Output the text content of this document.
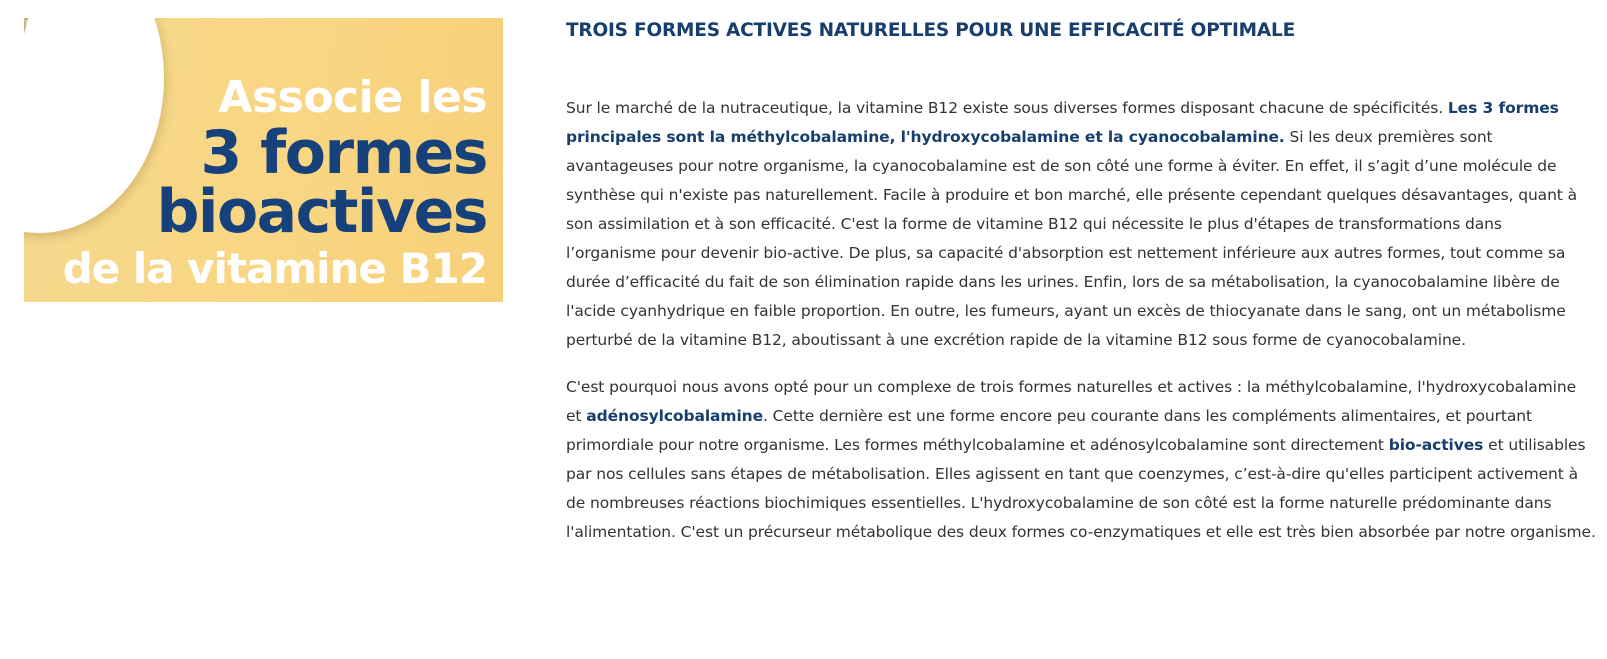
Associe les
3 formes
bioactives
de la vitamine B12
TROIS FORMES ACTIVES NATURELLES POUR UNE EFFICACITÉ OPTIMALE

Sur le marché de la nutraceutique, la vitamine B12 existe sous diverses formes disposant chacune de spécificités. Les 3 formes principales sont la méthylcobalamine, l'hydroxycobalamine et la cyanocobalamine. Si les deux premières sont avantageuses pour notre organisme, la cyanocobalamine est de son côté une forme à éviter. En effet, il s’agit d’une molécule de synthèse qui n'existe pas naturellement. Facile à produire et bon marché, elle présente cependant quelques désavantages, quant à son assimilation et à son efficacité. C'est la forme de vitamine B12 qui nécessite le plus d'étapes de transformations dans l’organisme pour devenir bio-active. De plus, sa capacité d'absorption est nettement inférieure aux autres formes, tout comme sa durée d’efficacité du fait de son élimination rapide dans les urines. Enfin, lors de sa métabolisation, la cyanocobalamine libère de l'acide cyanhydrique en faible proportion. En outre, les fumeurs, ayant un excès de thiocyanate dans le sang, ont un métabolisme perturbé de la vitamine B12, aboutissant à une excrétion rapide de la vitamine B12 sous forme de cyanocobalamine.

C'est pourquoi nous avons opté pour un complexe de trois formes naturelles et actives : la méthylcobalamine, l'hydroxycobalamine et adénosylcobalamine. Cette dernière est une forme encore peu courante dans les compléments alimentaires, et pourtant primordiale pour notre organisme. Les formes méthylcobalamine et adénosylcobalamine sont directement bio-actives et utilisables par nos cellules sans étapes de métabolisation. Elles agissent en tant que coenzymes, c’est-à-dire qu'elles participent activement à de nombreuses réactions biochimiques essentielles. L'hydroxycobalamine de son côté est la forme naturelle prédominante dans l'alimentation. C'est un précurseur métabolique des deux formes co-enzymatiques et elle est très bien absorbée par notre organisme.
